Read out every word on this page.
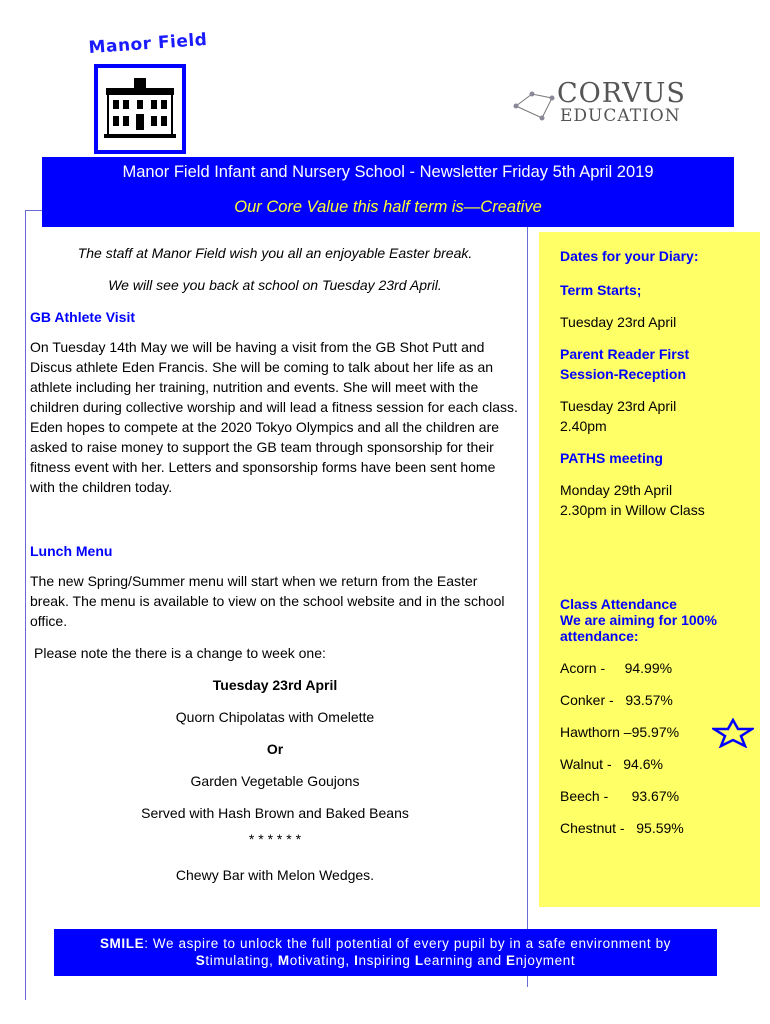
Manor Field
CORVUS
EDUCATION
Manor Field Infant and Nursery School - Newsletter Friday 5th April 2019
Our Core Value this half term is—Creative

The staff at Manor Field wish you all an enjoyable Easter break.

We will see you back at school on Tuesday 23rd April.

GB Athlete Visit

On Tuesday 14th May we will be having a visit from the GB Shot Putt and Discus athlete Eden Francis. She will be coming to talk about her life as an athlete including her training, nutrition and events. She will meet with the children during collective worship and will lead a fitness session for each class. Eden hopes to compete at the 2020 Tokyo Olympics and all the children are asked to raise money to support the GB team through sponsorship for their fitness event with her. Letters and sponsorship forms have been sent home with the children today.

Lunch Menu

The new Spring/Summer menu will start when we return from the Easter break. The menu is available to view on the school website and in the school office.

Please note the there is a change to week one:

Tuesday 23rd April

Quorn Chipolatas with Omelette

Or

Garden Vegetable Goujons

Served with Hash Brown and Baked Beans

* * * * * *

Chewy Bar with Melon Wedges.

Dates for your Diary:

Term Starts;

Tuesday 23rd April

Parent Reader First

Session-Reception

Tuesday 23rd April

2.40pm

PATHS meeting

Monday 29th April

2.30pm in Willow Class

Class Attendance

We are aiming for 100%

attendance:

Acorn -     94.99%

Conker -   93.57%

Hawthorn –95.97%

Walnut -   94.6%

Beech -      93.67%

Chestnut -   95.59%

SMILE: We aspire to unlock the full potential of every pupil by in a safe environment by
Stimulating, Motivating, Inspiring Learning and Enjoyment
